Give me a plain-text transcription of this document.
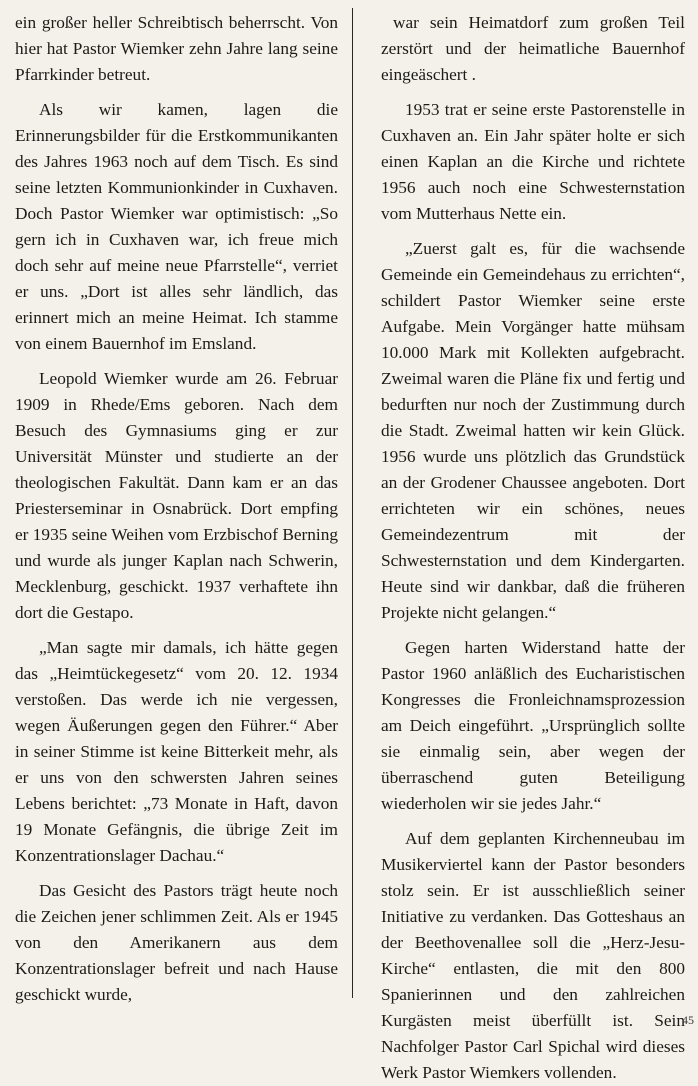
ein großer heller Schreibtisch beherrscht. Von hier hat Pastor Wiemker zehn Jahre lang seine Pfarrkinder betreut.

Als wir kamen, lagen die Erinnerungsbilder für die Erstkommunikanten des Jahres 1963 noch auf dem Tisch. Es sind seine letzten Kommunionkinder in Cuxhaven. Doch Pastor Wiemker war optimistisch: „So gern ich in Cuxhaven war, ich freue mich doch sehr auf meine neue Pfarrstelle“, verriet er uns. „Dort ist alles sehr ländlich, das erinnert mich an meine Heimat. Ich stamme von einem Bauernhof im Emsland.

Leopold Wiemker wurde am 26. Februar 1909 in Rhede/Ems geboren. Nach dem Besuch des Gymnasiums ging er zur Universität Münster und studierte an der theologischen Fakultät. Dann kam er an das Priesterseminar in Osnabrück. Dort empfing er 1935 seine Weihen vom Erzbischof Berning und wurde als junger Kaplan nach Schwerin, Mecklenburg, geschickt. 1937 verhaftete ihn dort die Gestapo.

„Man sagte mir damals, ich hätte gegen das „Heimtückegesetz“ vom 20. 12. 1934 verstoßen. Das werde ich nie vergessen, wegen Äußerungen gegen den Führer.“ Aber in seiner Stimme ist keine Bitterkeit mehr, als er uns von den schwersten Jahren seines Lebens berichtet: „73 Monate in Haft, davon 19 Monate Gefängnis, die übrige Zeit im Konzentrationslager Dachau.“

Das Gesicht des Pastors trägt heute noch die Zeichen jener schlimmen Zeit. Als er 1945 von den Amerikanern aus dem Konzentrationslager befreit und nach Hause geschickt wurde,

war sein Heimatdorf zum großen Teil zerstört und der heimatliche Bauernhof eingeäschert .

1953 trat er seine erste Pastorenstelle in Cuxhaven an. Ein Jahr später holte er sich einen Kaplan an die Kirche und richtete 1956 auch noch eine Schwesternstation vom Mutterhaus Nette ein.

„Zuerst galt es, für die wachsende Gemeinde ein Gemeindehaus zu errichten“, schildert Pastor Wiemker seine erste Aufgabe. Mein Vorgänger hatte mühsam 10.000 Mark mit Kollekten aufgebracht. Zweimal waren die Pläne fix und fertig und bedurften nur noch der Zustimmung durch die Stadt. Zweimal hatten wir kein Glück. 1956 wurde uns plötzlich das Grundstück an der Grodener Chaussee angeboten. Dort errichteten wir ein schönes, neues Gemeindezentrum mit der Schwesternstation und dem Kindergarten. Heute sind wir dankbar, daß die früheren Projekte nicht gelangen.“

Gegen harten Widerstand hatte der Pastor 1960 anläßlich des Eucharistischen Kongresses die Fronleichnamsprozession am Deich eingeführt. „Ursprünglich sollte sie einmalig sein, aber wegen der überraschend guten Beteiligung wiederholen wir sie jedes Jahr.“

Auf dem geplanten Kirchenneubau im Musikerviertel kann der Pastor besonders stolz sein. Er ist ausschließlich seiner Initiative zu verdanken. Das Gotteshaus an der Beethovenallee soll die „Herz-Jesu-Kirche“ entlasten, die mit den 800 Spanierinnen und den zahlreichen Kurgästen meist überfüllt ist. Sein Nachfolger Pastor Carl Spichal wird dieses Werk Pastor Wiemkers vollenden.

45
